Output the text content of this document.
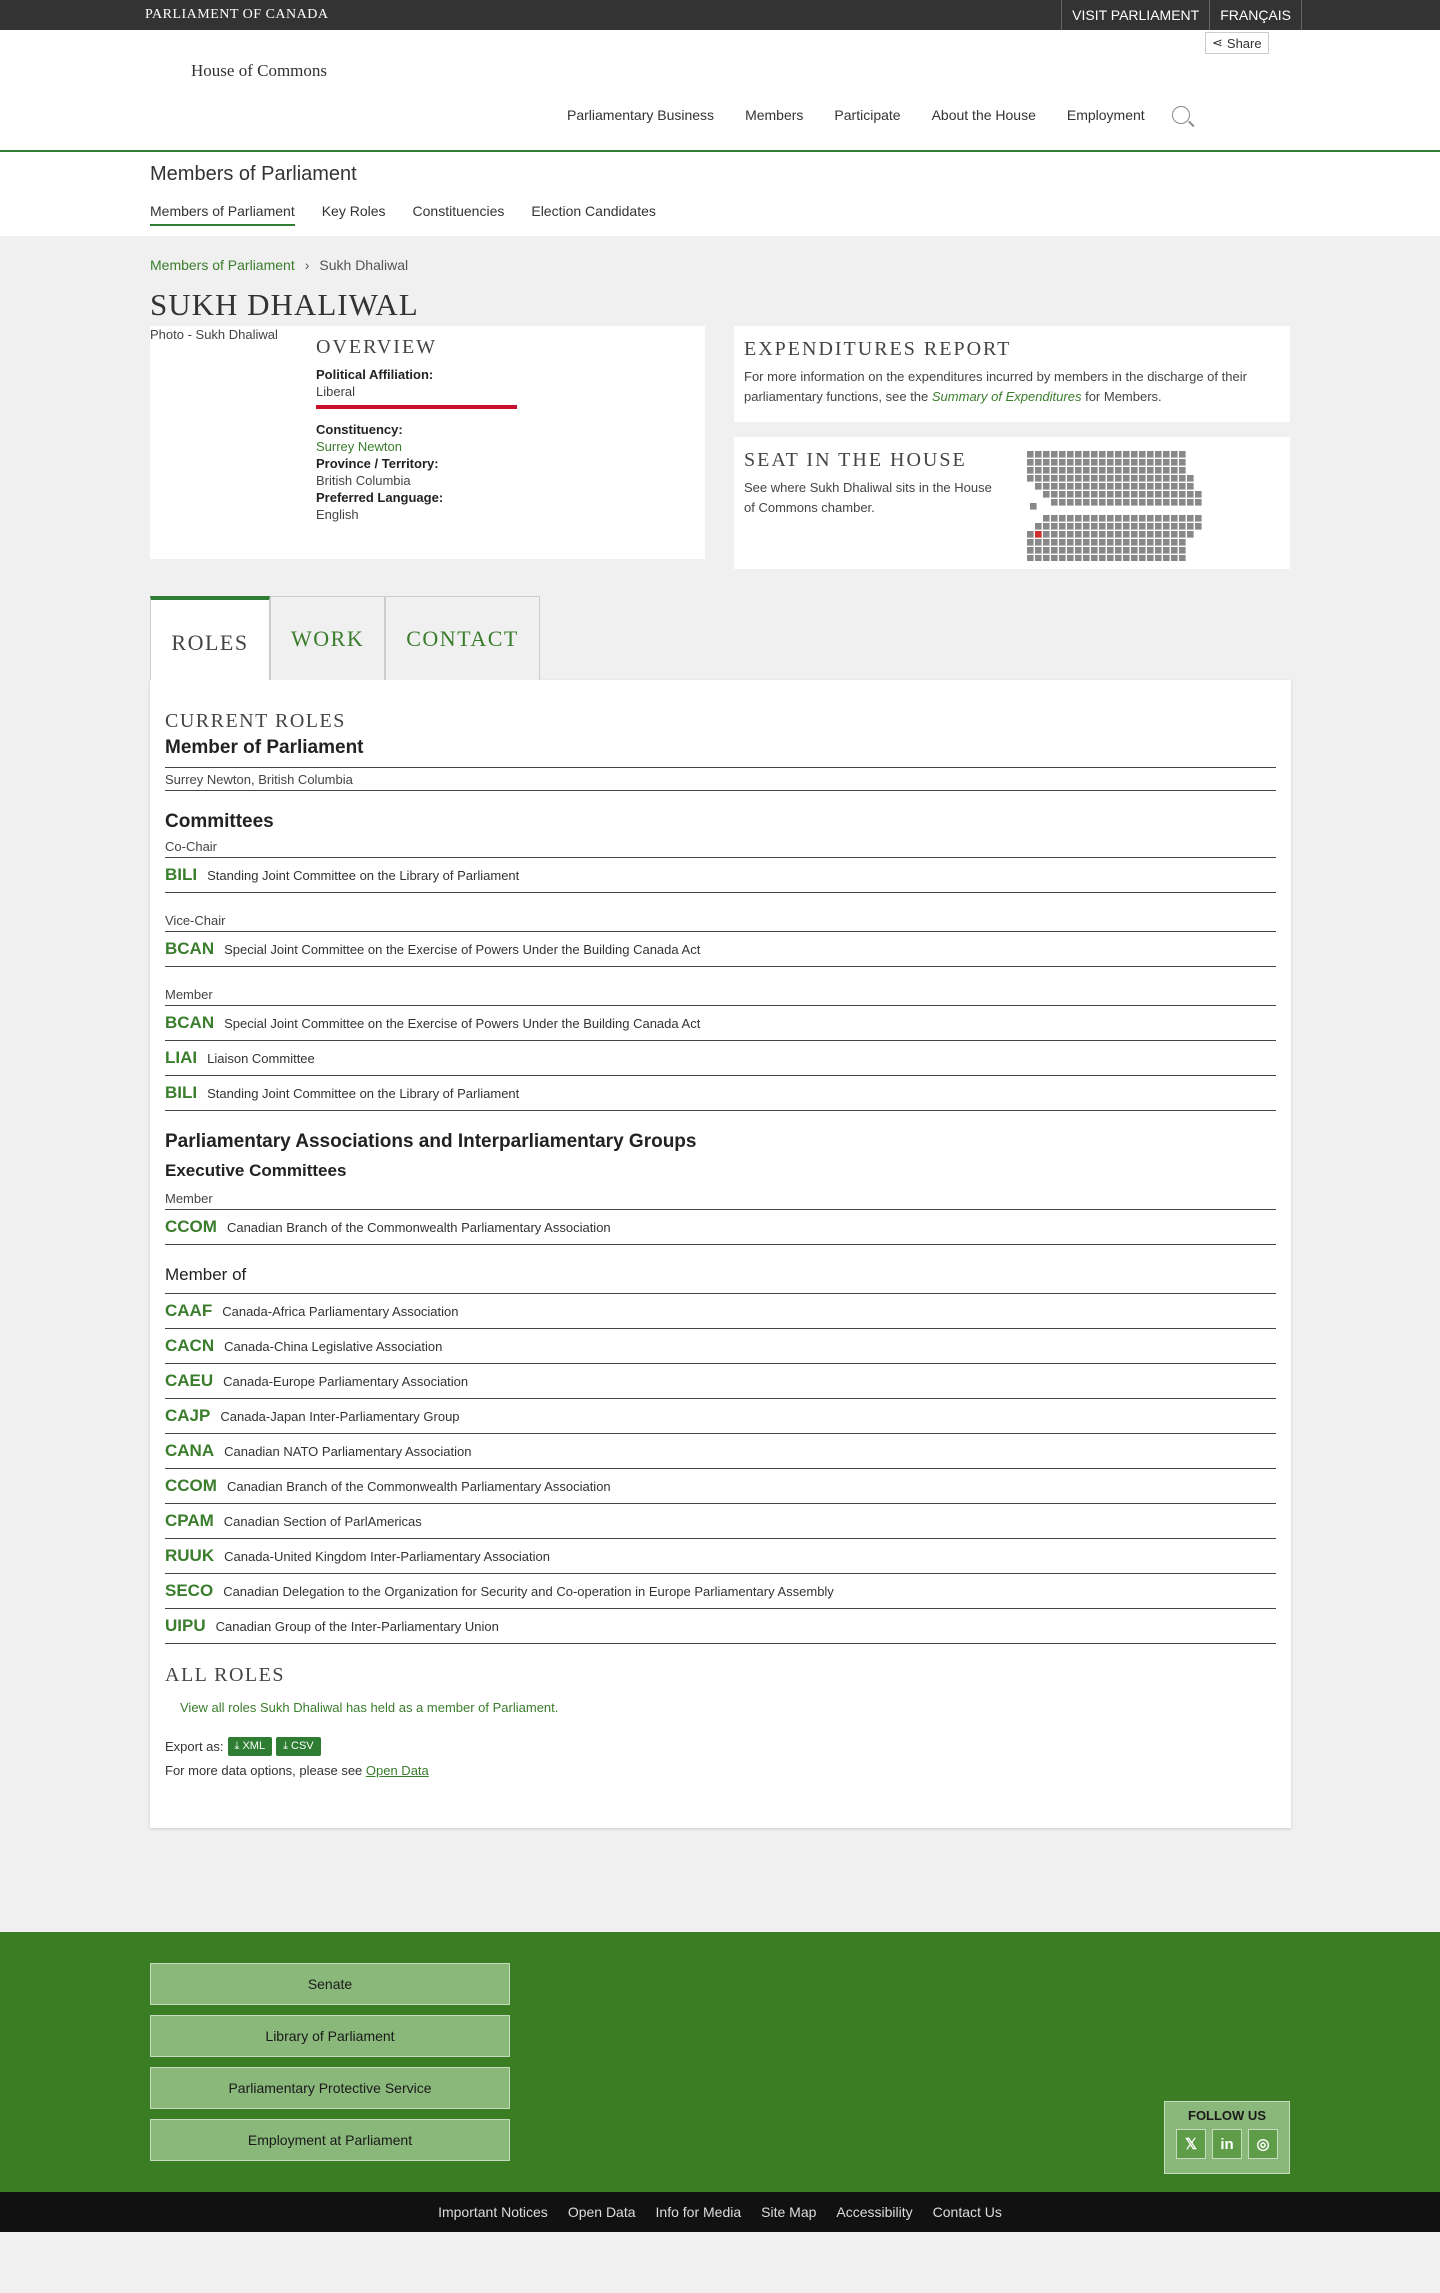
PARLIAMENT OF CANADA	VISIT PARLIAMENT	FRANÇAIS
⋖ Share
House of Commons
Parliamentary Business Members Participate About the House Employment
Members of Parliament
Members of Parliament Key Roles Constituencies Election Candidates
Members of Parliament › Sukh Dhaliwal
SUKH DHALIWAL
Photo - Sukh Dhaliwal
OVERVIEW
Political Affiliation:
Liberal
Constituency:
Surrey Newton
Province / Territory:
British Columbia
Preferred Language:
English
EXPENDITURES REPORT

For more information on the expenditures incurred by members in the discharge of their parliamentary functions, see the Summary of Expenditures for Members.

SEAT IN THE HOUSE

See where Sukh Dhaliwal sits in the House of Commons chamber.

ROLES	WORK	CONTACT
CURRENT ROLES
Member of Parliament
Surrey Newton, British Columbia
Committees
Co-Chair
BILI Standing Joint Committee on the Library of Parliament
Vice-Chair
BCAN Special Joint Committee on the Exercise of Powers Under the Building Canada Act
Member
BCAN Special Joint Committee on the Exercise of Powers Under the Building Canada Act
LIAI Liaison Committee
BILI Standing Joint Committee on the Library of Parliament
Parliamentary Associations and Interparliamentary Groups
Executive Committees
Member
CCOM Canadian Branch of the Commonwealth Parliamentary Association
Member of
CAAF Canada-Africa Parliamentary Association
CACN Canada-China Legislative Association
CAEU Canada-Europe Parliamentary Association
CAJP Canada-Japan Inter-Parliamentary Group
CANA Canadian NATO Parliamentary Association
CCOM Canadian Branch of the Commonwealth Parliamentary Association
CPAM Canadian Section of ParlAmericas
RUUK Canada-United Kingdom Inter-Parliamentary Association
SECO Canadian Delegation to the Organization for Security and Co-operation in Europe Parliamentary Assembly
UIPU Canadian Group of the Inter-Parliamentary Union
ALL ROLES
View all roles Sukh Dhaliwal has held as a member of Parliament.
Export as:	⤓ XML	⤓ CSV
For more data options, please see Open Data
Senate
Library of Parliament
Parliamentary Protective Service
Employment at Parliament
FOLLOW US
𝕏	in	◎
Important Notices Open Data Info for Media Site Map Accessibility Contact Us
